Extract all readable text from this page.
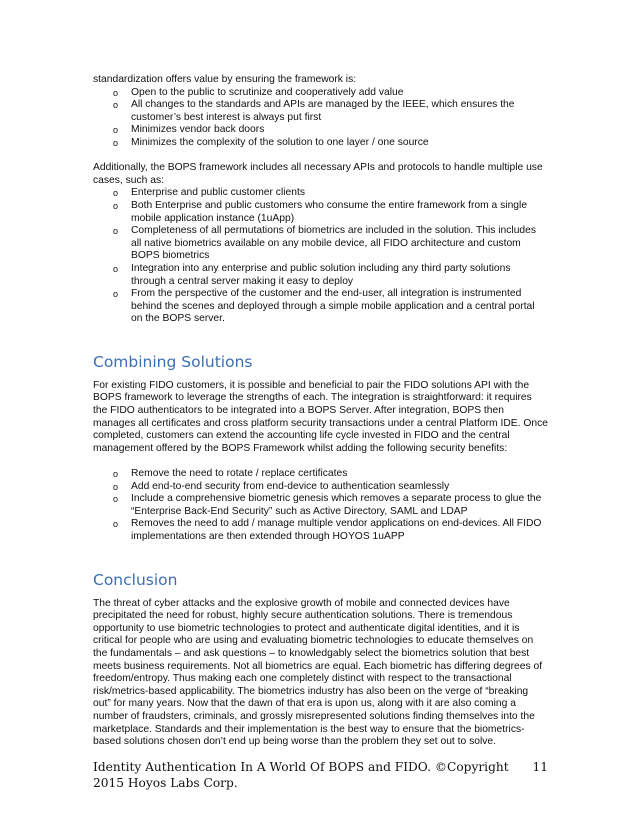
standardization offers value by ensuring the framework is:

o Open to the public to scrutinize and cooperatively add value
o All changes to the standards and APIs are managed by the IEEE, which ensures the customer’s best interest is always put first
o Minimizes vendor back doors
o Minimizes the complexity of the solution to one layer / one source

Additionally, the BOPS framework includes all necessary APIs and protocols to handle multiple use cases, such as:

o Enterprise and public customer clients
o Both Enterprise and public customers who consume the entire framework from a single mobile application instance (1uApp)
o Completeness of all permutations of biometrics are included in the solution. This includes all native biometrics available on any mobile device, all FIDO architecture and custom BOPS biometrics
o Integration into any enterprise and public solution including any third party solutions through a central server making it easy to deploy
o From the perspective of the customer and the end-user, all integration is instrumented behind the scenes and deployed through a simple mobile application and a central portal on the BOPS server.
Combining Solutions

For existing FIDO customers, it is possible and beneficial to pair the FIDO solutions API with the BOPS framework to leverage the strengths of each. The integration is straightforward: it requires the FIDO authenticators to be integrated into a BOPS Server. After integration, BOPS then manages all certificates and cross platform security transactions under a central Platform IDE. Once completed, customers can extend the accounting life cycle invested in FIDO and the central management offered by the BOPS Framework whilst adding the following security benefits:

o Remove the need to rotate / replace certificates
o Add end-to-end security from end-device to authentication seamlessly
o Include a comprehensive biometric genesis which removes a separate process to glue the “Enterprise Back-End Security” such as Active Directory, SAML and LDAP
o Removes the need to add / manage multiple vendor applications on end-devices. All FIDO implementations are then extended through HOYOS 1uAPP
Conclusion

The threat of cyber attacks and the explosive growth of mobile and connected devices have precipitated the need for robust, highly secure authentication solutions. There is tremendous opportunity to use biometric technologies to protect and authenticate digital identities, and it is critical for people who are using and evaluating biometric technologies to educate themselves on the fundamentals – and ask questions – to knowledgably select the biometrics solution that best meets business requirements. Not all biometrics are equal. Each biometric has differing degrees of freedom/entropy. Thus making each one completely distinct with respect to the transactional risk/metrics-based applicability. The biometrics industry has also been on the verge of “breaking out” for many years. Now that the dawn of that era is upon us, along with it are also coming a number of fraudsters, criminals, and grossly misrepresented solutions finding themselves into the marketplace. Standards and their implementation is the best way to ensure that the biometrics-based solutions chosen don’t end up being worse than the problem they set out to solve.

Identity Authentication In A World Of BOPS and FIDO. ©Copyright 2015 Hoyos Labs Corp.
11
